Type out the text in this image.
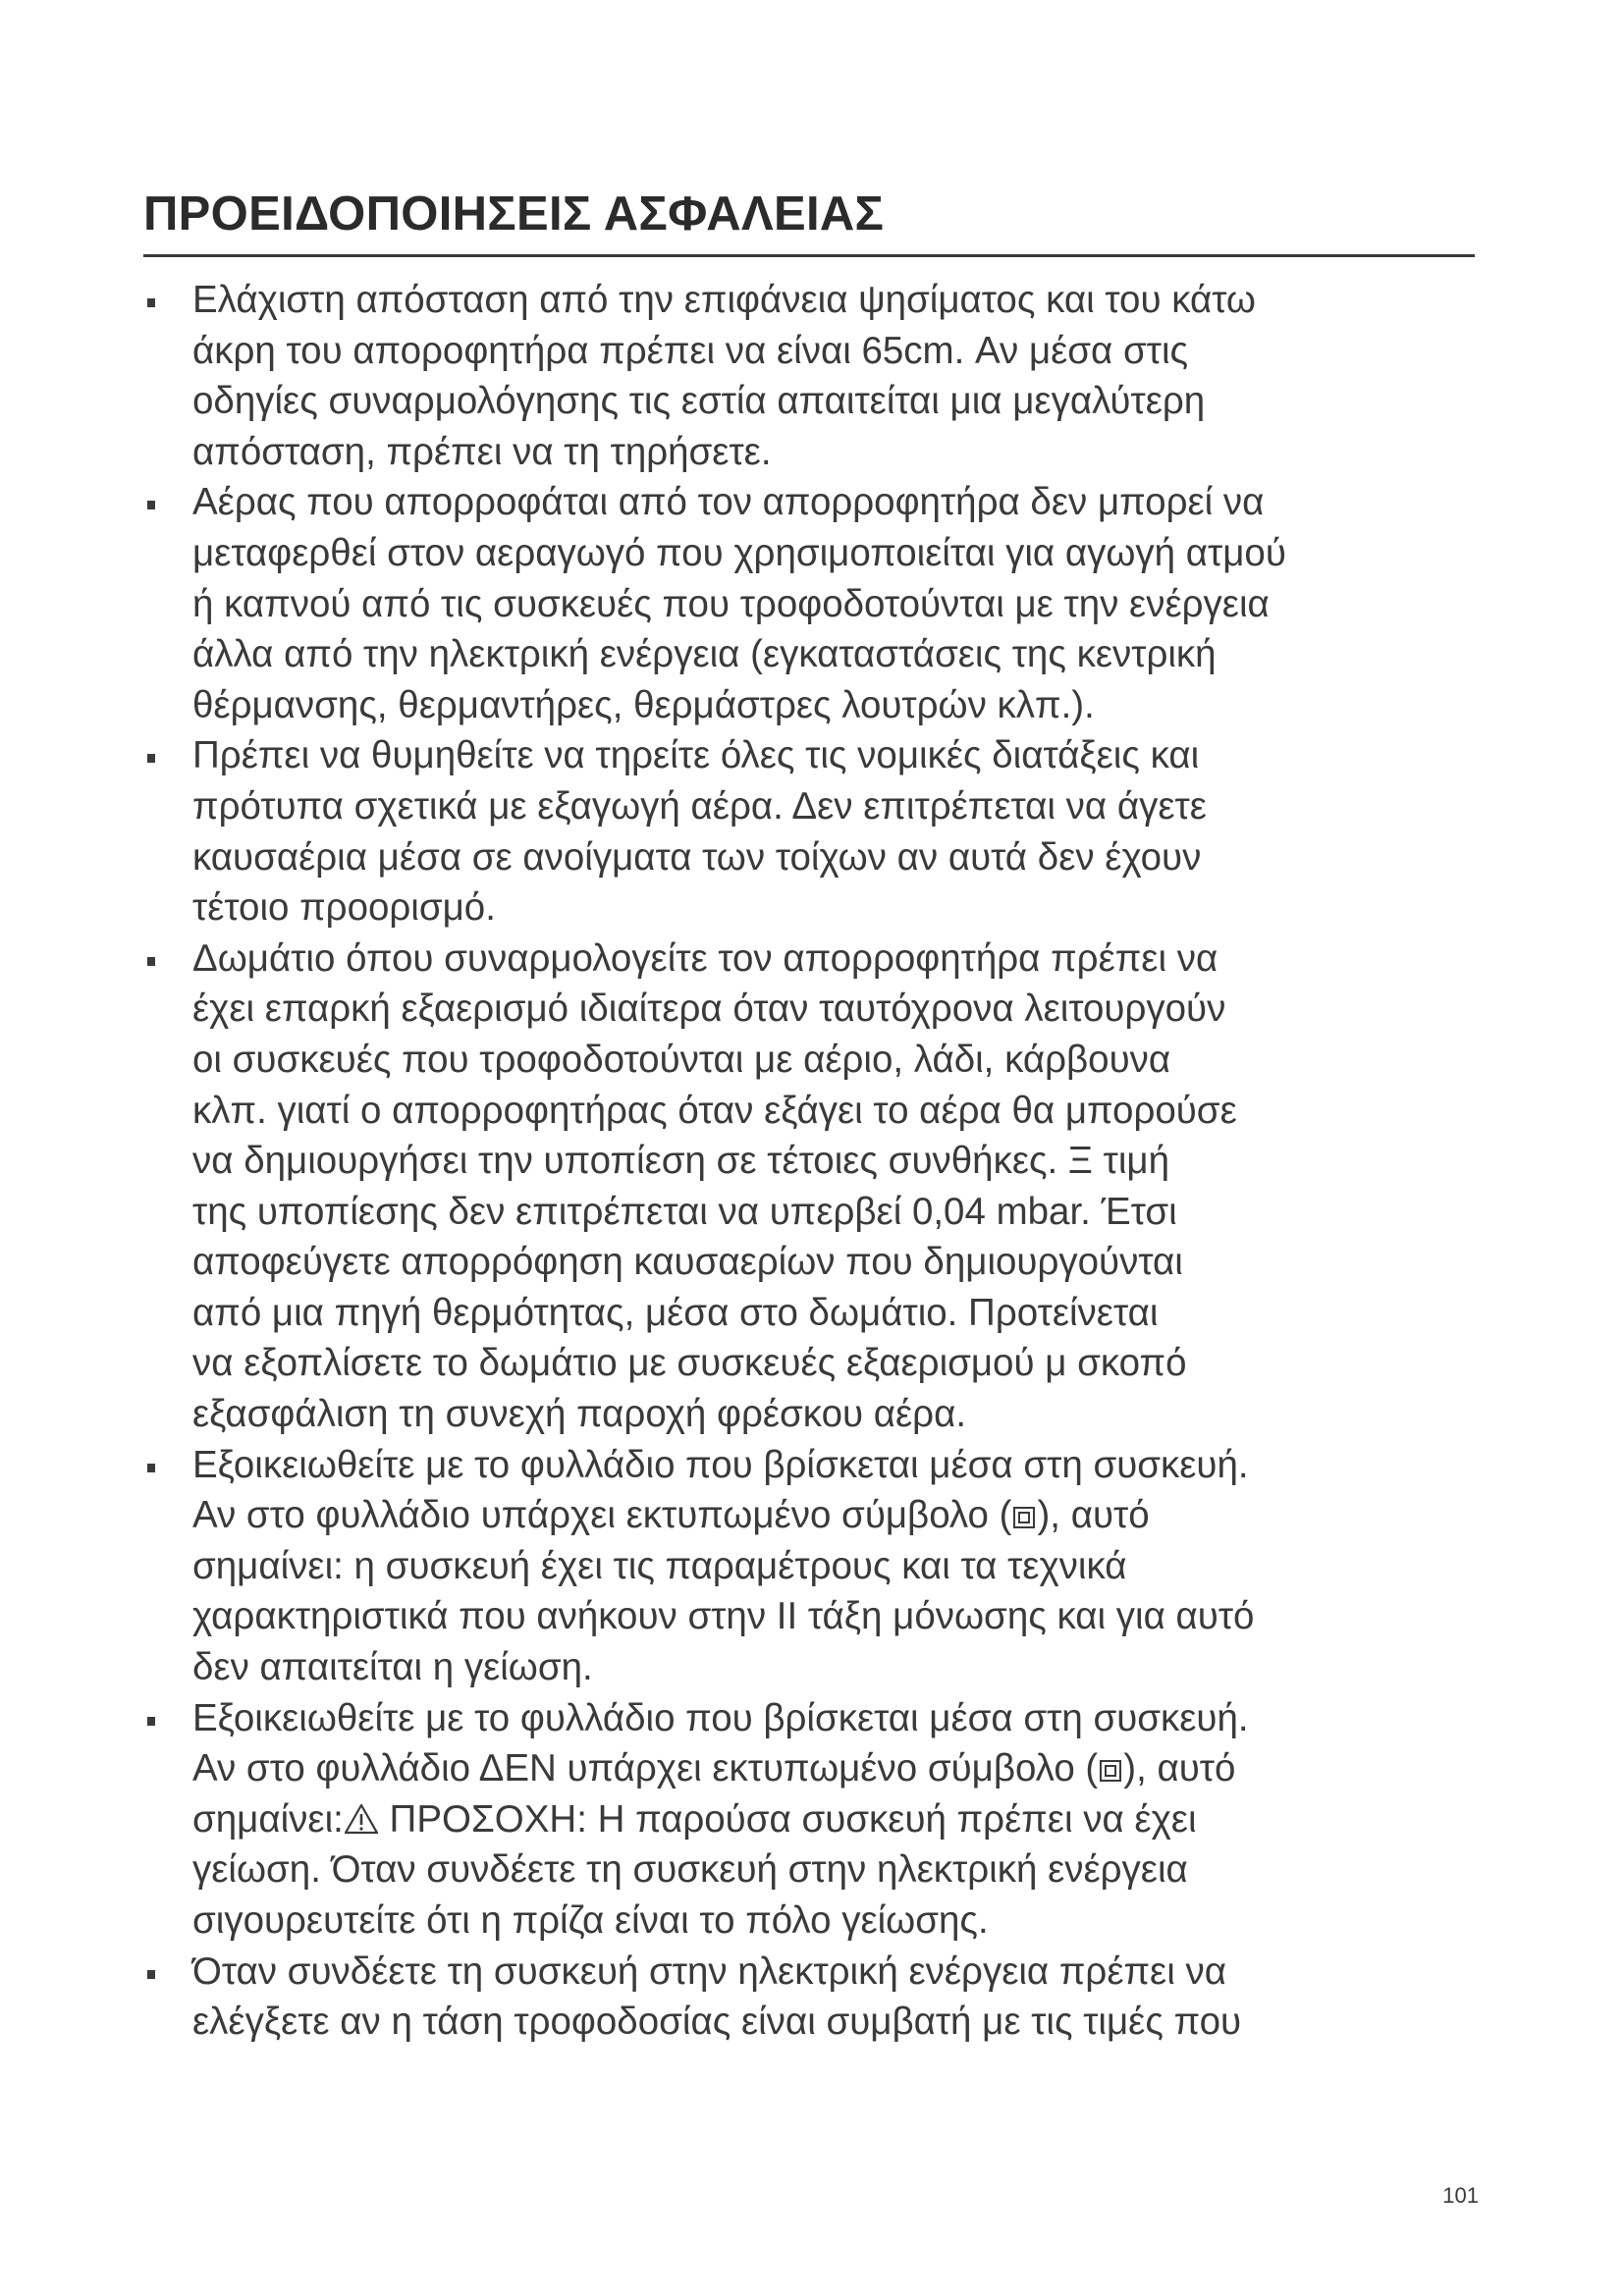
ΠΡΟΕΙΔΟΠΟΙΗΣΕΙΣ ΑΣΦΑΛΕΙΑΣ
Ελάχιστη απόσταση από την επιφάνεια ψησίματος και του κάτω
άκρη του αποροφητήρα πρέπει να είναι 65cm. Αν μέσα στις
οδηγίες συναρμολόγησης τις εστία απαιτείται μια μεγαλύτερη
απόσταση, πρέπει να τη τηρήσετε.
Αέρας που απορροφάται από τον απορροφητήρα δεν μπορεί να
μεταφερθεί στον αεραγωγό που χρησιμοποιείται για αγωγή ατμού
ή καπνού από τις συσκευές που τροφοδοτούνται με την ενέργεια
άλλα από την ηλεκτρική ενέργεια (εγκαταστάσεις της κεντρική
θέρμανσης, θερμαντήρες, θερμάστρες λουτρών κλπ.).
Πρέπει να θυμηθείτε να τηρείτε όλες τις νομικές διατάξεις και
πρότυπα σχετικά με εξαγωγή αέρα. Δεν επιτρέπεται να άγετε
καυσαέρια μέσα σε ανοίγματα των τοίχων αν αυτά δεν έχουν
τέτοιο προορισμό.
Δωμάτιο όπου συναρμολογείτε τον απορροφητήρα πρέπει να
έχει επαρκή εξαερισμό ιδιαίτερα όταν ταυτόχρονα λειτουργούν
οι συσκευές που τροφοδοτούνται με αέριο, λάδι, κάρβουνα
κλπ. γιατί ο απορροφητήρας όταν εξάγει το αέρα θα μπορούσε
να δημιουργήσει την υποπίεση σε τέτοιες συνθήκες. Ξ τιμή
της υποπίεσης δεν επιτρέπεται να υπερβεί 0,04 mbar. Έτσι
αποφεύγετε απορρόφηση καυσαερίων που δημιουργούνται
από μια πηγή θερμότητας, μέσα στο δωμάτιο. Προτείνεται
να εξοπλίσετε το δωμάτιο με συσκευές εξαερισμού μ σκοπό
εξασφάλιση τη συνεχή παροχή φρέσκου αέρα.
Εξοικειωθείτε με το φυλλάδιο που βρίσκεται μέσα στη συσκευή.
Αν στο φυλλάδιο υπάρχει εκτυπωμένο σύμβολο ( ), αυτό
σημαίνει: η συσκευή έχει τις παραμέτρους και τα τεχνικά
χαρακτηριστικά που ανήκουν στην II τάξη μόνωσης και για αυτό
δεν απαιτείται η γείωση.
Εξοικειωθείτε με το φυλλάδιο που βρίσκεται μέσα στη συσκευή.
Αν στο φυλλάδιο ΔΕΝ υπάρχει εκτυπωμένο σύμβολο ( ), αυτό
σημαίνει:
ΠΡΟΣΟΧΗ: Η παρούσα συσκευή πρέπει να έχει
γείωση. Όταν συνδέετε τη συσκευή στην ηλεκτρική ενέργεια
σιγουρευτείτε ότι η πρίζα είναι το πόλο γείωσης.
Όταν συνδέετε τη συσκευή στην ηλεκτρική ενέργεια πρέπει να
ελέγξετε αν η τάση τροφοδοσίας είναι συμβατή με τις τιμές που
101
